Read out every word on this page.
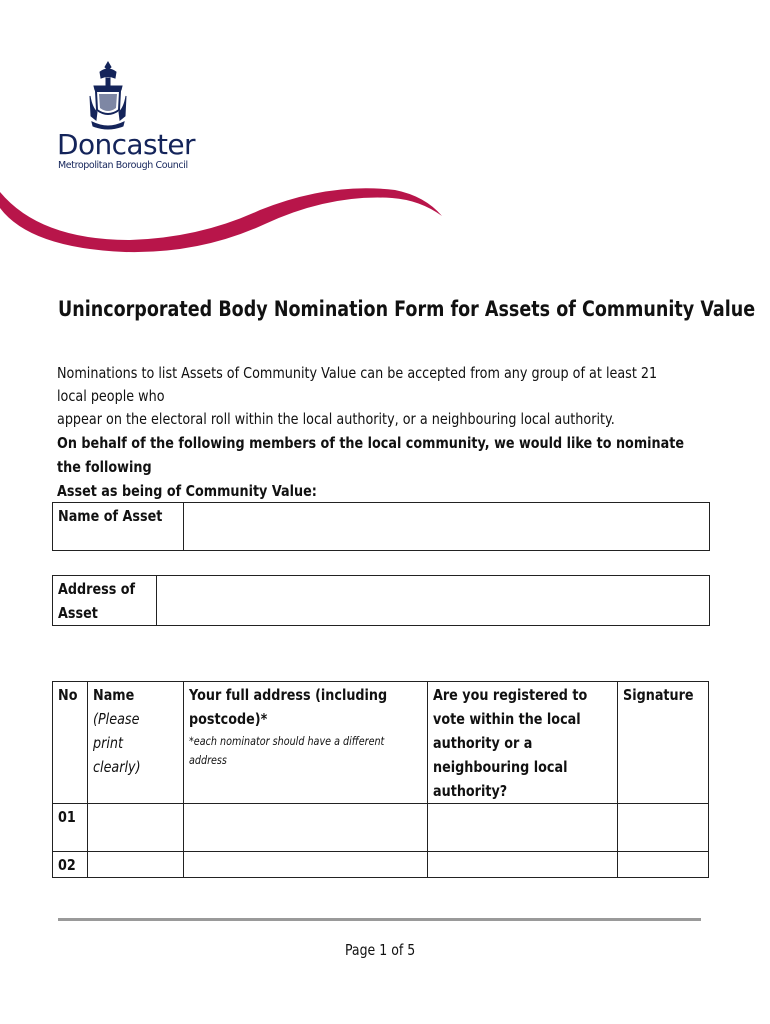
Doncaster
Metropolitan Borough Council
Unincorporated Body Nomination Form for Assets of Community Value
Nominations to list Assets of Community Value can be accepted from any group of at least 21 local people who
appear on the electoral roll within the local authority, or a neighbouring local authority.
On behalf of the following members of the local community, we would like to nominate the following
Asset as being of Community Value:
Name of Asset	
Address of
Asset	
No	Name
(Please print
clearly)	Your full address (including
postcode)*
*each nominator should have a different
address	Are you registered to
vote within the local
authority or a
neighbouring local
authority?	Signature
01				
02				
Page 1 of 5
